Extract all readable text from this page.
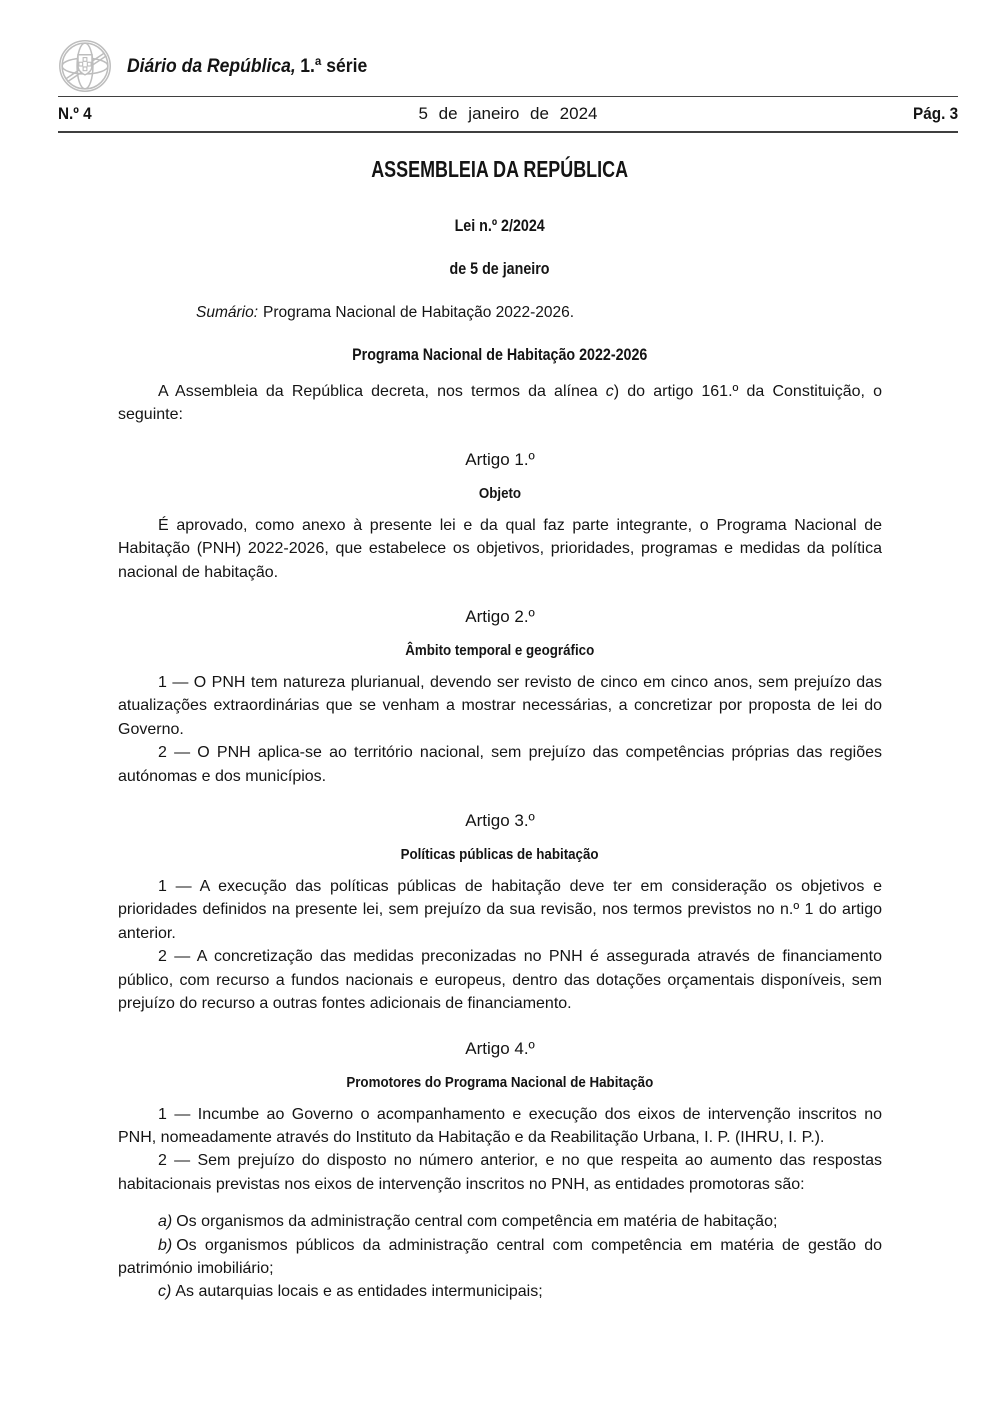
Diário da República, 1.ª série
N.º 4	5 de janeiro de 2024	Pág. 3
ASSEMBLEIA DA REPÚBLICA
Lei n.º 2/2024
de 5 de janeiro
Sumário: Programa Nacional de Habitação 2022-2026.
Programa Nacional de Habitação 2022-2026

A Assembleia da República decreta, nos termos da alínea c) do artigo 161.º da Constituição, o seguinte:

Artigo 1.º
Objeto

É aprovado, como anexo à presente lei e da qual faz parte integrante, o Programa Nacional de Habitação (PNH) 2022-2026, que estabelece os objetivos, prioridades, programas e medidas da política nacional de habitação.

Artigo 2.º
Âmbito temporal e geográfico

1 — O PNH tem natureza plurianual, devendo ser revisto de cinco em cinco anos, sem prejuízo das atualizações extraordinárias que se venham a mostrar necessárias, a concretizar por proposta de lei do Governo.

2 — O PNH aplica-se ao território nacional, sem prejuízo das competências próprias das regiões autónomas e dos municípios.

Artigo 3.º
Políticas públicas de habitação

1 — A execução das políticas públicas de habitação deve ter em consideração os objetivos e prioridades definidos na presente lei, sem prejuízo da sua revisão, nos termos previstos no n.º 1 do artigo anterior.

2 — A concretização das medidas preconizadas no PNH é assegurada através de financiamento público, com recurso a fundos nacionais e europeus, dentro das dotações orçamentais disponíveis, sem prejuízo do recurso a outras fontes adicionais de financiamento.

Artigo 4.º
Promotores do Programa Nacional de Habitação

1 — Incumbe ao Governo o acompanhamento e execução dos eixos de intervenção inscritos no PNH, nomeadamente através do Instituto da Habitação e da Reabilitação Urbana, I. P. (IHRU, I. P.).

2 — Sem prejuízo do disposto no número anterior, e no que respeita ao aumento das respostas habitacionais previstas nos eixos de intervenção inscritos no PNH, as entidades promotoras são:

a) Os organismos da administração central com competência em matéria de habitação;

b) Os organismos públicos da administração central com competência em matéria de gestão do património imobiliário;

c) As autarquias locais e as entidades intermunicipais;
